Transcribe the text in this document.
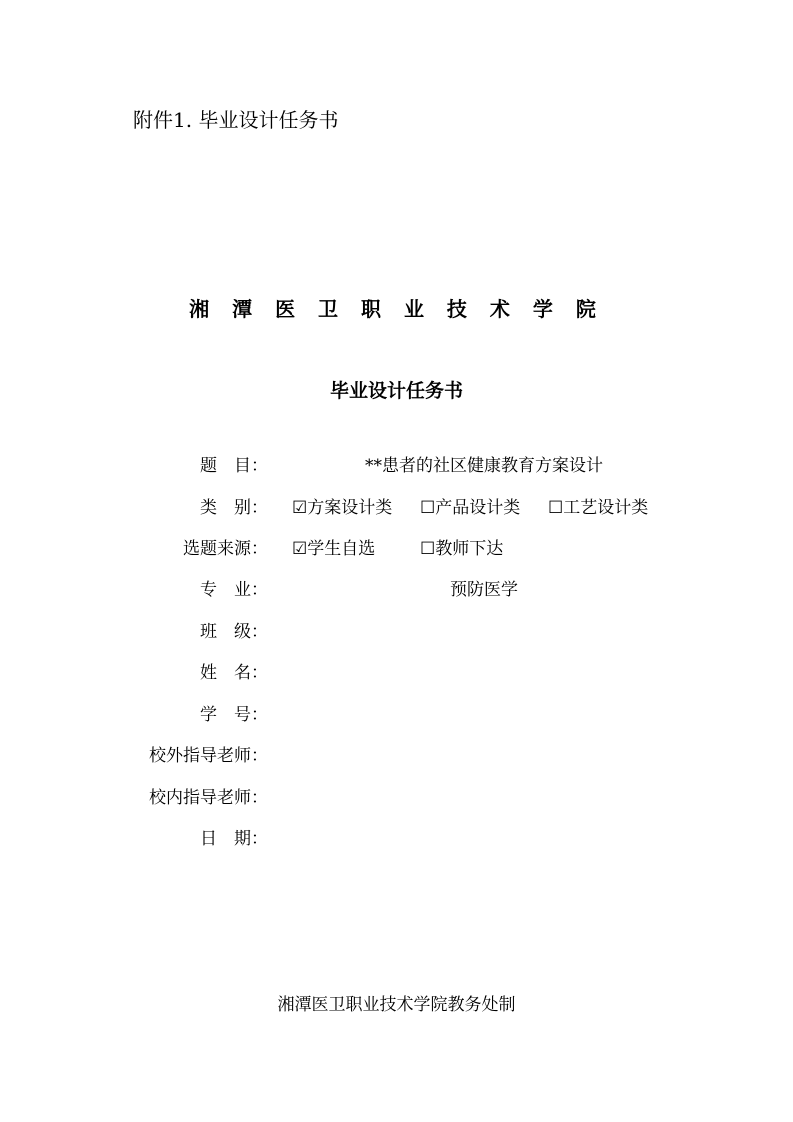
附件1. 毕业设计任务书
湘 潭 医 卫 职 业 技 术 学 院
毕业设计任务书
题　目：	**患者的社区健康教育方案设计
类　别： ☑方案设计类 ☐产品设计类 ☐工艺设计类
选题来源： ☑学生自选	☐教师下达
专　业：	预防医学
班　级：
姓　名：
学　号：
校外指导老师：
校内指导老师：
日　期：
湘潭医卫职业技术学院教务处制
